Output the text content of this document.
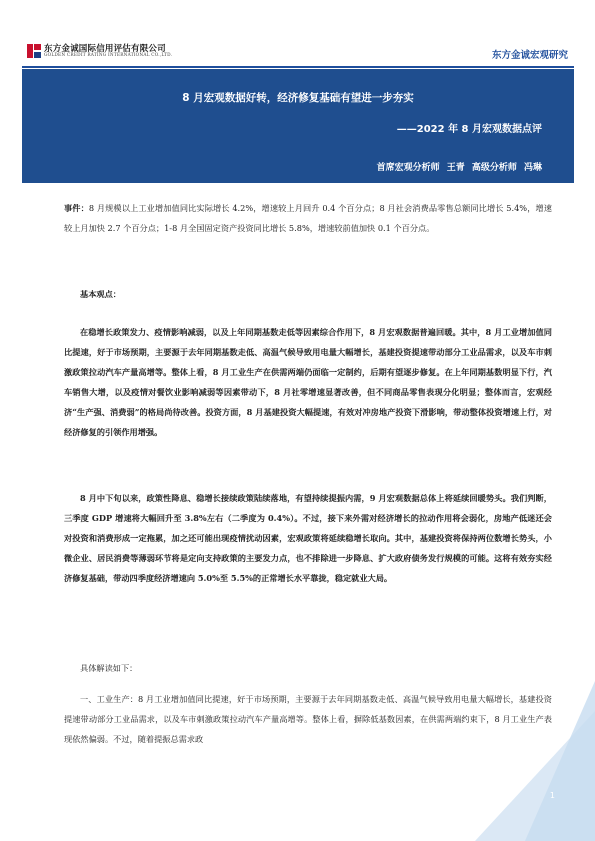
东方金诚国际信用评估有限公司
GOLDEN CREDIT RATING INTERNATIONAL CO.,LTD.	东方金诚宏观研究
8 月宏观数据好转，经济修复基础有望进一步夯实
——2022 年 8 月宏观数据点评
首席宏观分析师 王青 高级分析师 冯琳
事件：8 月规模以上工业增加值同比实际增长 4.2%，增速较上月回升 0.4 个百分点；8 月社会消费品零售总额同比增长 5.4%，增速较上月加快 2.7 个百分点；1-8 月全国固定资产投资同比增长 5.8%，增速较前值加快 0.1 个百分点。
基本观点：
在稳增长政策发力、疫情影响减弱，以及上年同期基数走低等因素综合作用下，8 月宏观数据普遍回暖。其中，8 月工业增加值同比提速，好于市场预期，主要源于去年同期基数走低、高温气候导致用电量大幅增长，基建投资提速带动部分工业品需求，以及车市刺激政策拉动汽车产量高增等。整体上看，8 月工业生产在供需两端仍面临一定制约，后期有望逐步修复。在上年同期基数明显下行，汽车销售大增，以及疫情对餐饮业影响减弱等因素带动下，8 月社零增速显著改善，但不同商品零售表现分化明显；整体而言，宏观经济“生产强、消费弱”的格局尚待改善。投资方面，8 月基建投资大幅提速，有效对冲房地产投资下滑影响，带动整体投资增速上行，对经济修复的引领作用增强。
8 月中下旬以来，政策性降息、稳增长接续政策陆续落地，有望持续提振内需，9 月宏观数据总体上将延续回暖势头。我们判断，三季度 GDP 增速将大幅回升至 3.8%左右（二季度为 0.4%）。不过，接下来外需对经济增长的拉动作用将会弱化，房地产低迷还会对投资和消费形成一定拖累，加之还可能出现疫情扰动因素，宏观政策将延续稳增长取向。其中，基建投资将保持两位数增长势头，小微企业、居民消费等薄弱环节将是定向支持政策的主要发力点，也不排除进一步降息、扩大政府债务发行规模的可能。这将有效夯实经济修复基础，带动四季度经济增速向 5.0%至 5.5%的正常增长水平靠拢，稳定就业大局。
具体解读如下：
一、工业生产：8 月工业增加值同比提速，好于市场预期，主要源于去年同期基数走低、高温气候导致用电量大幅增长，基建投资提速带动部分工业品需求，以及车市刺激政策拉动汽车产量高增等。整体上看，摒除低基数因素，在供需两端约束下，8 月工业生产表现依然偏弱。不过，随着提振总需求政
1
